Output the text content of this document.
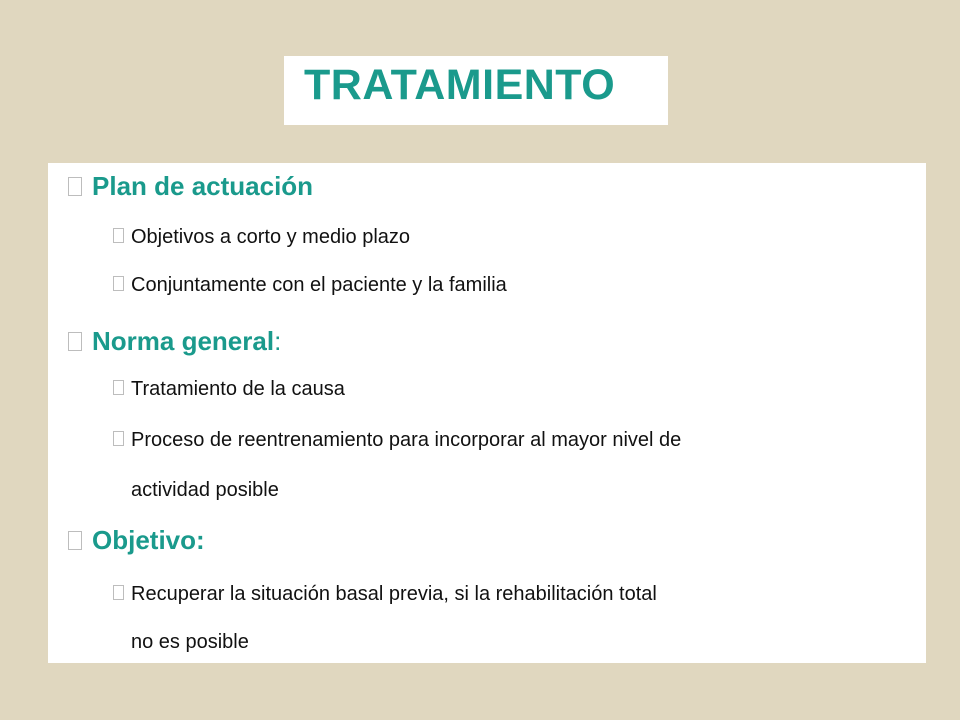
TRATAMIENTO
Plan de actuación
Objetivos a corto y medio plazo
Conjuntamente con el paciente y la familia
Norma general:
Tratamiento de la causa
Proceso de reentrenamiento para incorporar al mayor nivel de
actividad posible
Objetivo:
Recuperar la situación basal previa, si la rehabilitación total
no es posible
